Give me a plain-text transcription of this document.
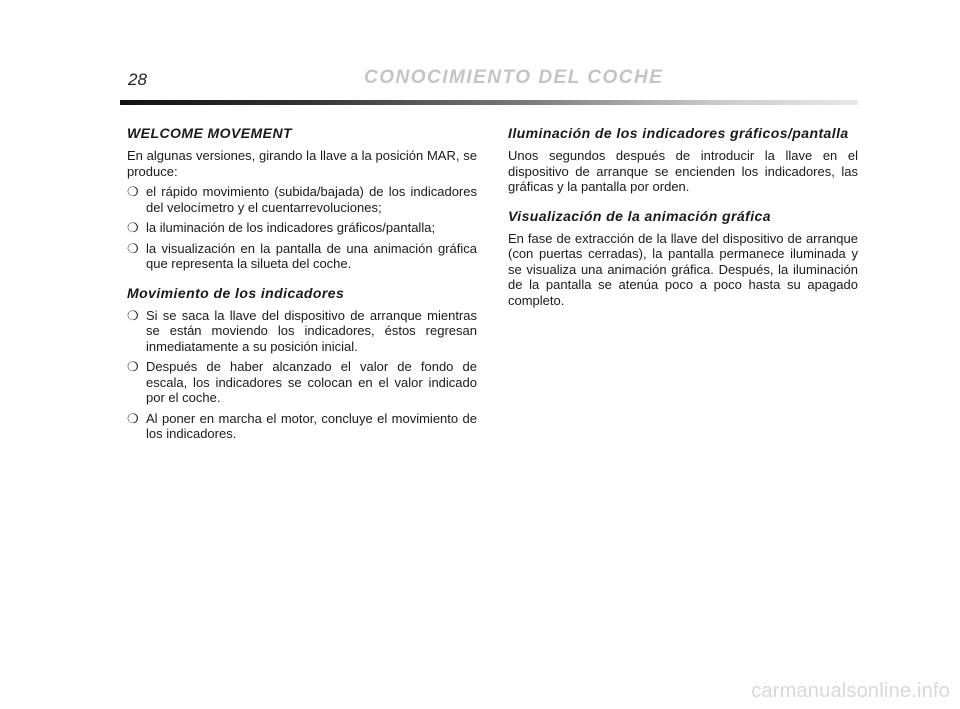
28	CONOCIMIENTO DEL COCHE
WELCOME MOVEMENT

En algunas versiones, girando la llave a la posición MAR, se produce:

❍ el rápido movimiento (subida/bajada) de los indicadores del velocímetro y el cuentarrevoluciones;
❍ la iluminación de los indicadores gráficos/pantalla;
❍ la visualización en la pantalla de una animación gráfica que representa la silueta del coche.
Movimiento de los indicadores
❍ Si se saca la llave del dispositivo de arranque mientras se están moviendo los indicadores, éstos regresan inmediatamente a su posición inicial.
❍ Después de haber alcanzado el valor de fondo de escala, los indicadores se colocan en el valor indicado por el coche.
❍ Al poner en marcha el motor, concluye el movimiento de los indicadores.
Iluminación de los indicadores gráficos/pantalla

Unos segundos después de introducir la llave en el dispositivo de arranque se encienden los indicadores, las gráficas y la pantalla por orden.

Visualización de la animación gráfica

En fase de extracción de la llave del dispositivo de arranque (con puertas cerradas), la pantalla permanece iluminada y se visualiza una animación gráfica. Después, la iluminación de la pantalla se atenúa poco a poco hasta su apagado completo.

carmanualsonline.info
